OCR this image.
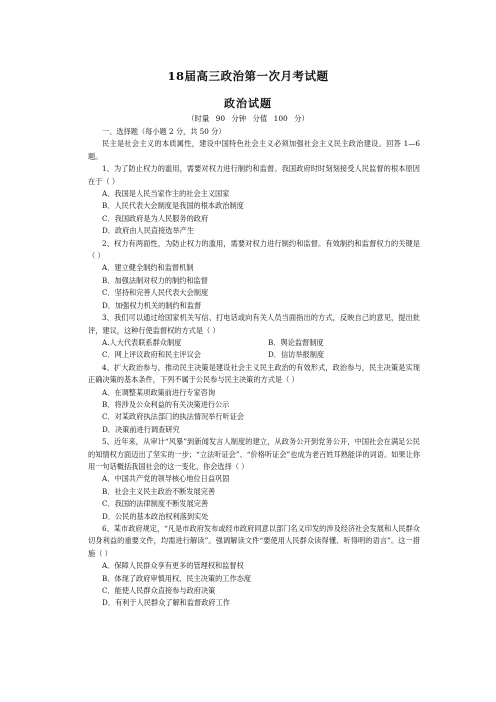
18届高三政治第一次月考试题
政治试题
（时量 90 分钟 分值 100 分）

一、选择题（每小题 2 分，共 50 分）

民主是社会主义的本质属性，建设中国特色社会主义必须加强社会主义民主政治建设。回答 1—6题。

1、为了防止权力的滥用，需要对权力进行制约和监督。我国政府时时刻刻接受人民监督的根本原因在于（ ）

A．我国是人民当家作主的社会主义国家

B．人民代表大会制度是我国的根本政治制度

C．我国政府是为人民服务的政府

D．政府由人民直接选举产生

2、权力有两面性，为防止权力的滥用，需要对权力进行制约和监督。有效制约和监督权力的关键是（ ）

A．建立健全制约和监督机制

B．加强法制对权力的制约和监督

C．坚持和完善人民代表大会制度

D．加强权力机关的制约和监督

3、我们可以通过给国家机关写信、打电话或向有关人员当面指出的方式，反映自己的意见，提出批评，建议，这种行使监督权的方式是（ ）

A.人大代表联系群众制度	B．舆论监督制度

C．网上评议政府和民主评议会	D．信访举报制度

4、扩大政治参与，推动民主决策是建设社会主义民主政治的有效形式，政治参与，民主决策是实现正确决策的基本条件，下列不属于公民参与民主决策的方式是（ ）

A．在调整某项政策前进行专家咨询

B．将涉及公众利益的有关决策进行公示

C．对某政府执法部门的执法情况举行听证会

D．决策前进行调查研究

5、近年来，从审计“风暴”到新闻发言人制度的建立，从政务公开到党务公开，中国社会在满足公民的知情权方面迈出了坚实的一步；“立法听证会”、“价格听证会”也成为老百姓耳熟能详的词语。如果让你用一句话概括我国社会的这一变化，你会选择（ ）

A．中国共产党的领导核心地位日益巩固

B．社会主义民主政治不断发展完善

C．我国的法律制度不断发展完善

D．公民的基本政治权利落到实处

6、某市政府规定，“凡是市政府发布或经市政府同意以部门名义印发的涉及经济社会发展和人民群众切身利益的重要文件，均需进行解读”。强调解读文件“要使用人民群众读得懂、听得明的语言”。这一措施（ ）

A．保障人民群众享有更多的管理权和监督权

B．体现了政府审慎用权、民主决策的工作态度

C．能使人民群众直接参与政府决策

D．有利于人民群众了解和监督政府工作
